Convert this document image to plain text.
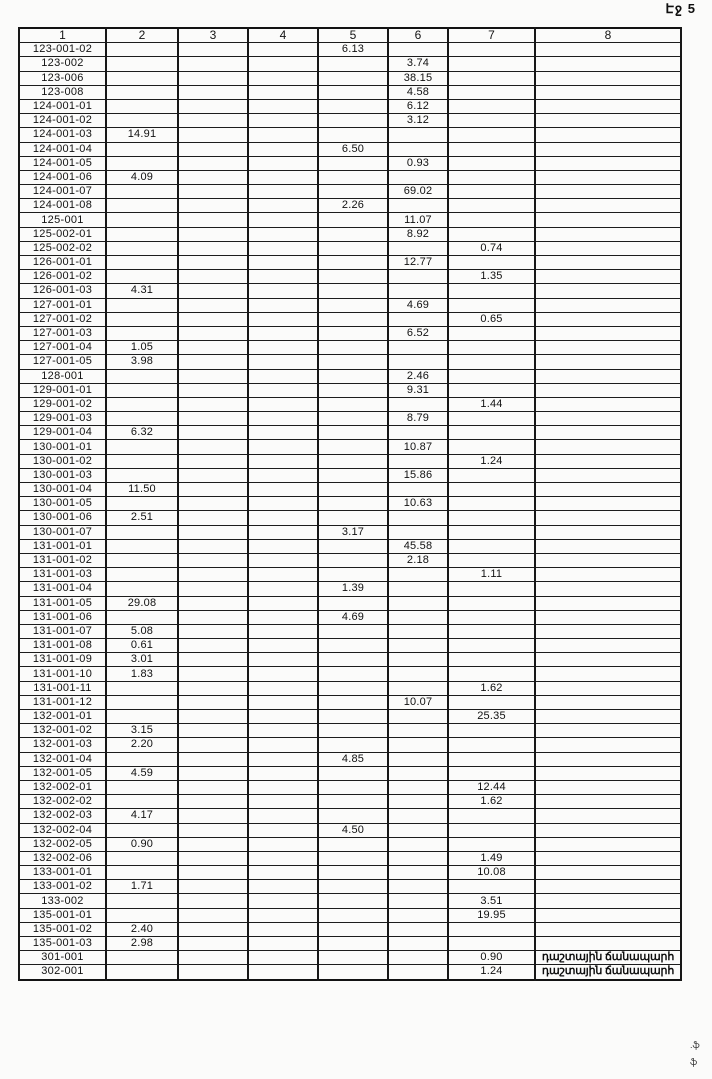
Էջ 5
1	2	3	4	5	6	7	8
123-001-02				6.13			
123-002					3.74		
123-006					38.15		
123-008					4.58		
124-001-01					6.12		
124-001-02					3.12		
124-001-03	14.91						
124-001-04				6.50			
124-001-05					0.93		
124-001-06	4.09						
124-001-07					69.02		
124-001-08				2.26			
125-001					11.07		
125-002-01					8.92		
125-002-02						0.74	
126-001-01					12.77		
126-001-02						1.35	
126-001-03	4.31						
127-001-01					4.69		
127-001-02						0.65	
127-001-03					6.52		
127-001-04	1.05						
127-001-05	3.98						
128-001					2.46		
129-001-01					9.31		
129-001-02						1.44	
129-001-03					8.79		
129-001-04	6.32						
130-001-01					10.87		
130-001-02						1.24	
130-001-03					15.86		
130-001-04	11.50						
130-001-05					10.63		
130-001-06	2.51						
130-001-07				3.17			
131-001-01					45.58		
131-001-02					2.18		
131-001-03						1.11	
131-001-04				1.39			
131-001-05	29.08						
131-001-06				4.69			
131-001-07	5.08						
131-001-08	0.61						
131-001-09	3.01						
131-001-10	1.83						
131-001-11						1.62	
131-001-12					10.07		
132-001-01						25.35	
132-001-02	3.15						
132-001-03	2.20						
132-001-04				4.85			
132-001-05	4.59						
132-002-01						12.44	
132-002-02						1.62	
132-002-03	4.17						
132-002-04				4.50			
132-002-05	0.90						
132-002-06						1.49	
133-001-01						10.08	
133-001-02	1.71						
133-002						3.51	
135-001-01						19.95	
135-001-02	2.40						
135-001-03	2.98						
301-001						0.90	դաշտային ճանապարհ
302-001						1.24	դաշտային ճանապարհ
.ֆ
ֆ
